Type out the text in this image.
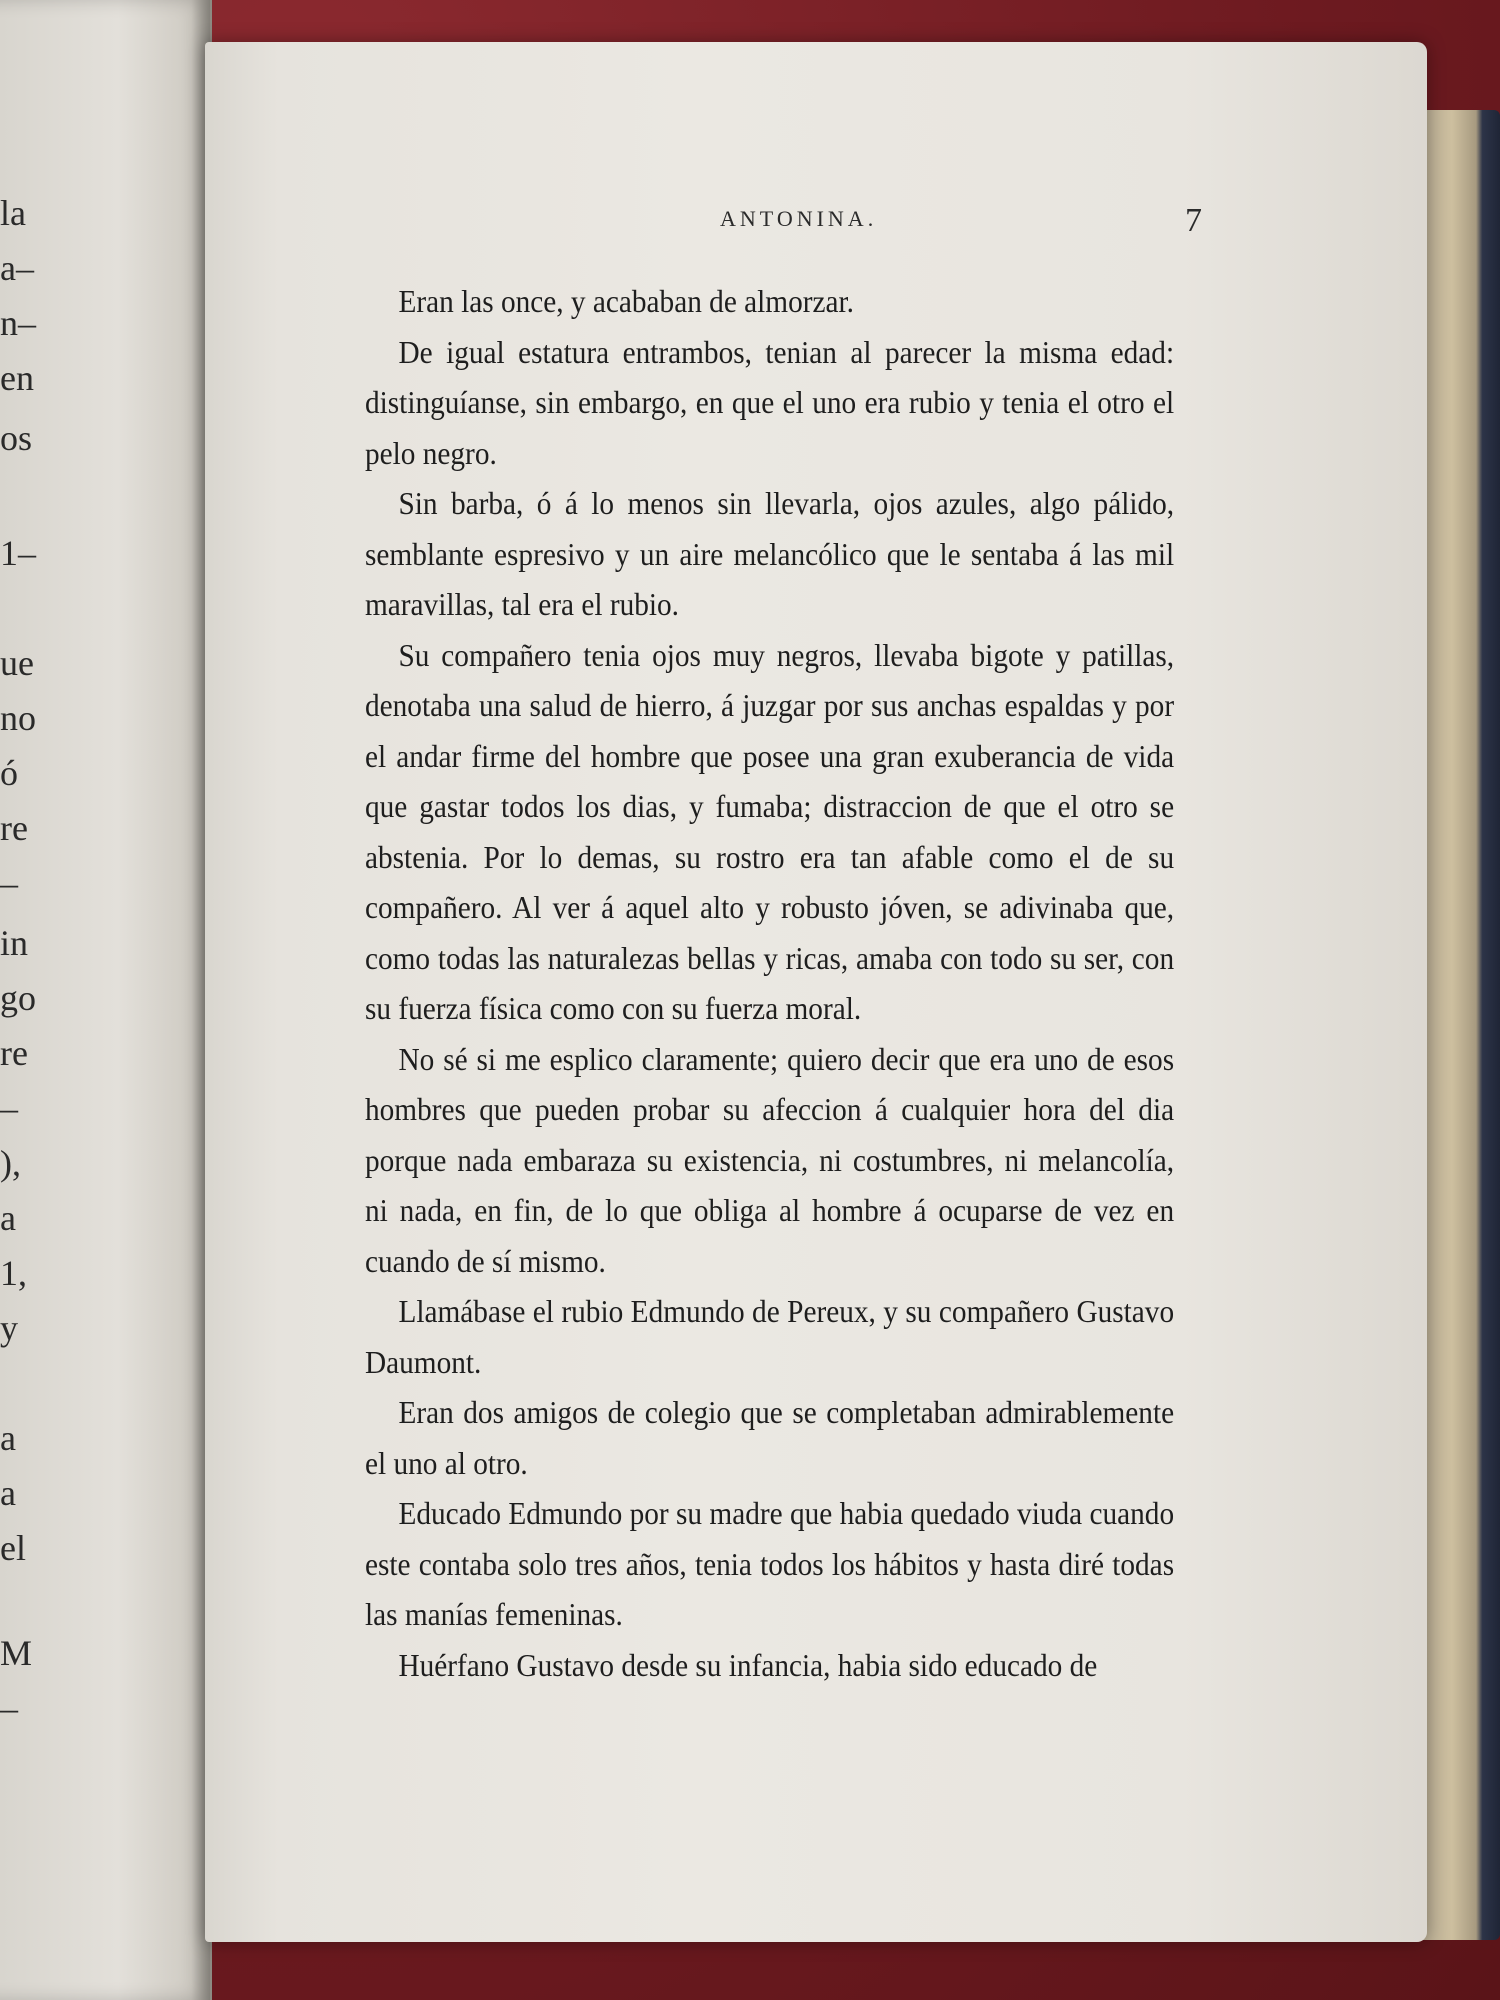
la
a–
n–
en
os
1–
ue
no
ó
re
–
in
go
re
–
),
a
1,
y
a
a
el
M
–
ANTONINA.	7

Eran las once, y acababan de almorzar.

De igual estatura entrambos, tenian al parecer la misma edad: distinguíanse, sin embargo, en que el uno era rubio y tenia el otro el pelo negro.

Sin barba, ó á lo menos sin llevarla, ojos azules, algo pálido, semblante espresivo y un aire melancólico que le sentaba á las mil maravillas, tal era el rubio.

Su compañero tenia ojos muy negros, llevaba bigote y patillas, denotaba una salud de hierro, á juzgar por sus anchas espaldas y por el andar firme del hombre que posee una gran exuberancia de vida que gastar todos los dias, y fumaba; distraccion de que el otro se abstenia. Por lo demas, su rostro era tan afable como el de su compañero. Al ver á aquel alto y robusto jóven, se adivinaba que, como todas las naturalezas bellas y ricas, amaba con todo su ser, con su fuerza física como con su fuerza moral.

No sé si me esplico claramente; quiero decir que era uno de esos hombres que pueden probar su afeccion á cualquier hora del dia porque nada embaraza su existencia, ni costumbres, ni melancolía, ni nada, en fin, de lo que obliga al hombre á ocuparse de vez en cuando de sí mismo.

Llamábase el rubio Edmundo de Pereux, y su compañero Gustavo Daumont.

Eran dos amigos de colegio que se completaban admirablemente el uno al otro.

Educado Edmundo por su madre que habia quedado viuda cuando este contaba solo tres años, tenia todos los hábitos y hasta diré todas las manías femeninas.

Huérfano Gustavo desde su infancia, habia sido educado de
